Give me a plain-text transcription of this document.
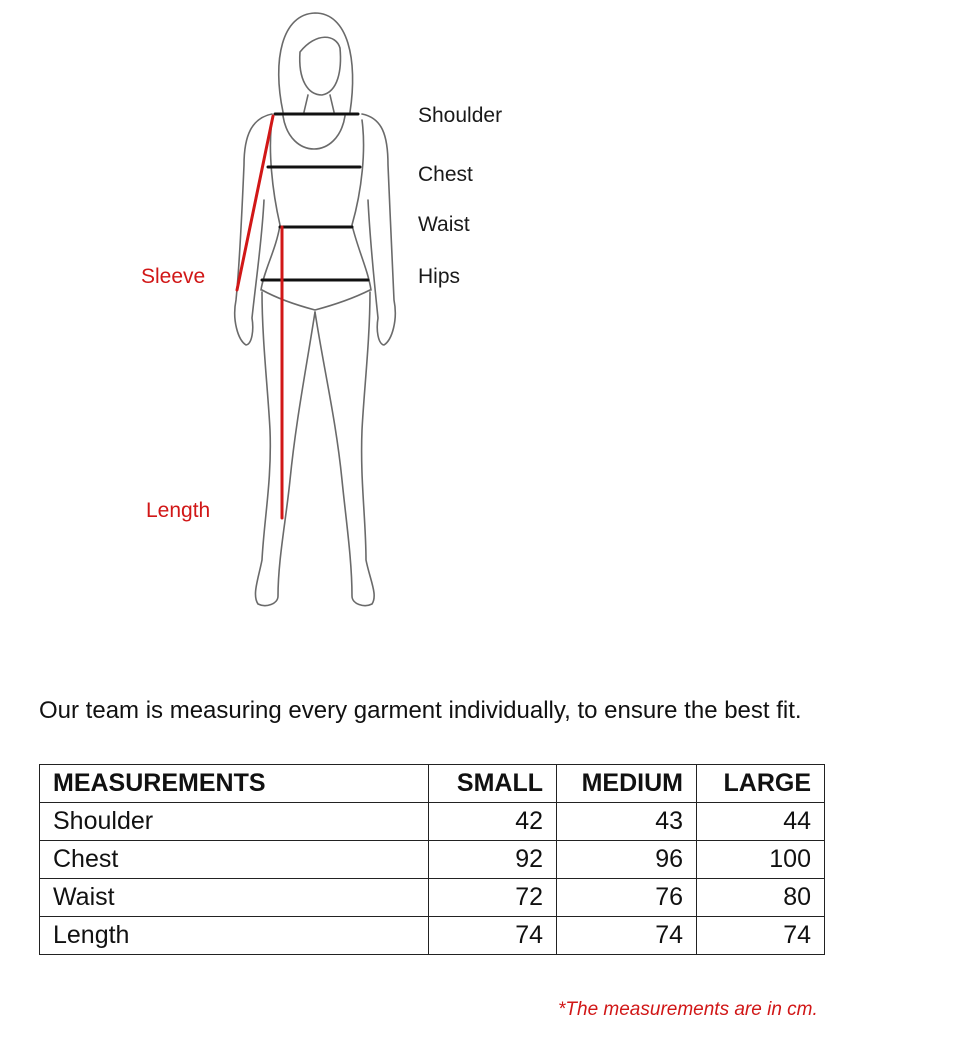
Shoulder
Chest
Waist
Hips
Sleeve
Length
Our team is measuring every garment individually, to ensure the best fit.
MEASUREMENTS	SMALL	MEDIUM	LARGE
Shoulder	42	43	44
Chest	92	96	100
Waist	72	76	80
Length	74	74	74
*The measurements are in cm.
